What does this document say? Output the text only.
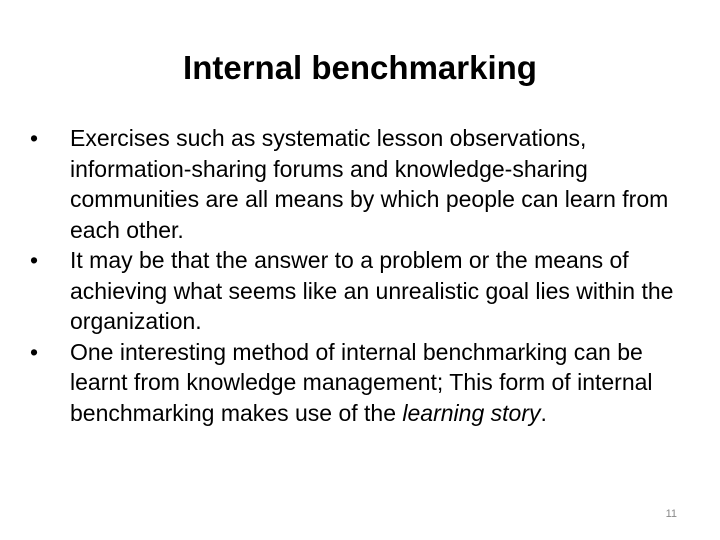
Internal benchmarking
•	Exercises such as systematic lesson observations, information-sharing forums and knowledge-sharing communities are all means by which people can learn from each other.
•	It may be that the answer to a problem or the means of achieving what seems like an unrealistic goal lies within the organization.
•	One interesting method of internal benchmarking can be learnt from knowledge management; This form of internal benchmarking makes use of the learning story.
11
